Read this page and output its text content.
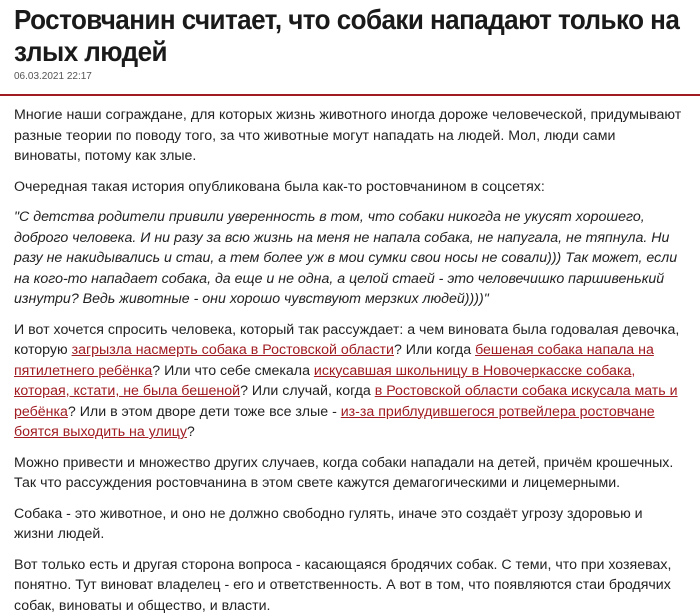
Ростовчанин считает, что собаки нападают только на злых людей
06.03.2021 22:17

Многие наши сограждане, для которых жизнь животного иногда дороже человеческой, придумывают разные теории по поводу того, за что животные могут нападать на людей. Мол, люди сами виноваты, потому как злые.

Очередная такая история опубликована была как-то ростовчанином в соцсетях:

"С детства родители привили уверенность в том, что собаки никогда не укусят хорошего, доброго человека. И ни разу за всю жизнь на меня не напала собака, не напугала, не тяпнула. Ни разу не накидывались и стаи, а тем более уж в мои сумки свои носы не совали))) Так может, если на кого-то нападает собака, да еще и не одна, а целой стаей - это человечишко паршивенький изнутри? Ведь животные - они хорошо чувствуют мерзких людей))))"

И вот хочется спросить человека, который так рассуждает: а чем виновата была годовалая девочка, которую загрызла насмерть собака в Ростовской области? Или когда бешеная собака напала на пятилетнего ребёнка? Или что себе смекала искусавшая школьницу в Новочеркасске собака, которая, кстати, не была бешеной? Или случай, когда в Ростовской области собака искусала мать и ребёнка? Или в этом дворе дети тоже все злые - из-за приблудившегося ротвейлера ростовчане боятся выходить на улицу?

Можно привести и множество других случаев, когда собаки нападали на детей, причём крошечных. Так что рассуждения ростовчанина в этом свете кажутся демагогическими и лицемерными.

Собака - это животное, и оно не должно свободно гулять, иначе это создаёт угрозу здоровью и жизни людей.

Вот только есть и другая сторона вопроса - касающаяся бродячих собак. С теми, что при хозяевах, понятно. Тут виноват владелец - его и ответственность. А вот в том, что появляются стаи бродячих собак, виноваты и общество, и власти.
